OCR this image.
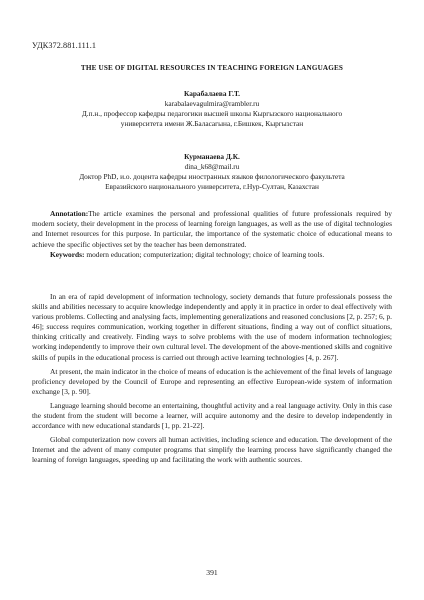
УДК372.881.111.1
THE USE OF DIGITAL RESOURCES IN TEACHING FOREIGN LANGUAGES
Карабалаева Г.Т.
karabalaevagulmira@rambler.ru
Д.п.н., профессор кафедры педагогики высшей школы Кыргызского национального
университета имени Ж.Баласагына, г.Бишкек, Кыргызстан
Курманаева Д.К.
dina_k68@mail.ru
Доктор PhD, и.о. доцента кафедры иностранных языков филологического факультета
Евразийского национального университета, г.Нур-Султан, Казахстан

Annotation:The article examines the personal and professional qualities of future professionals required by modern society, their development in the process of learning foreign languages, as well as the use of digital technologies and Internet resources for this purpose. In particular, the importance of the systematic choice of educational means to achieve the specific objectives set by the teacher has been demonstrated.

Keywords: modern education; computerization; digital technology; choice of learning tools.

In an era of rapid development of information technology, society demands that future professionals possess the skills and abilities necessary to acquire knowledge independently and apply it in practice in order to deal effectively with various problems. Collecting and analysing facts, implementing generalizations and reasoned conclusions [2, p. 257; 6, p. 46]; success requires communication, working together in different situations, finding a way out of conflict situations, thinking critically and creatively. Finding ways to solve problems with the use of modern information technologies; working independently to improve their own cultural level. The development of the above-mentioned skills and cognitive skills of pupils in the educational process is carried out through active learning technologies [4, p. 267].

At present, the main indicator in the choice of means of education is the achievement of the final levels of language proficiency developed by the Council of Europe and representing an effective European-wide system of information exchange [3, p. 90].

Language learning should become an entertaining, thoughtful activity and a real language activity. Only in this case the student from the student will become a learner, will acquire autonomy and the desire to develop independently in accordance with new educational standards [1, pp. 21-22].

Global computerization now covers all human activities, including science and education. The development of the Internet and the advent of many computer programs that simplify the learning process have significantly changed the learning of foreign languages, speeding up and facilitating the work with authentic sources.

391
